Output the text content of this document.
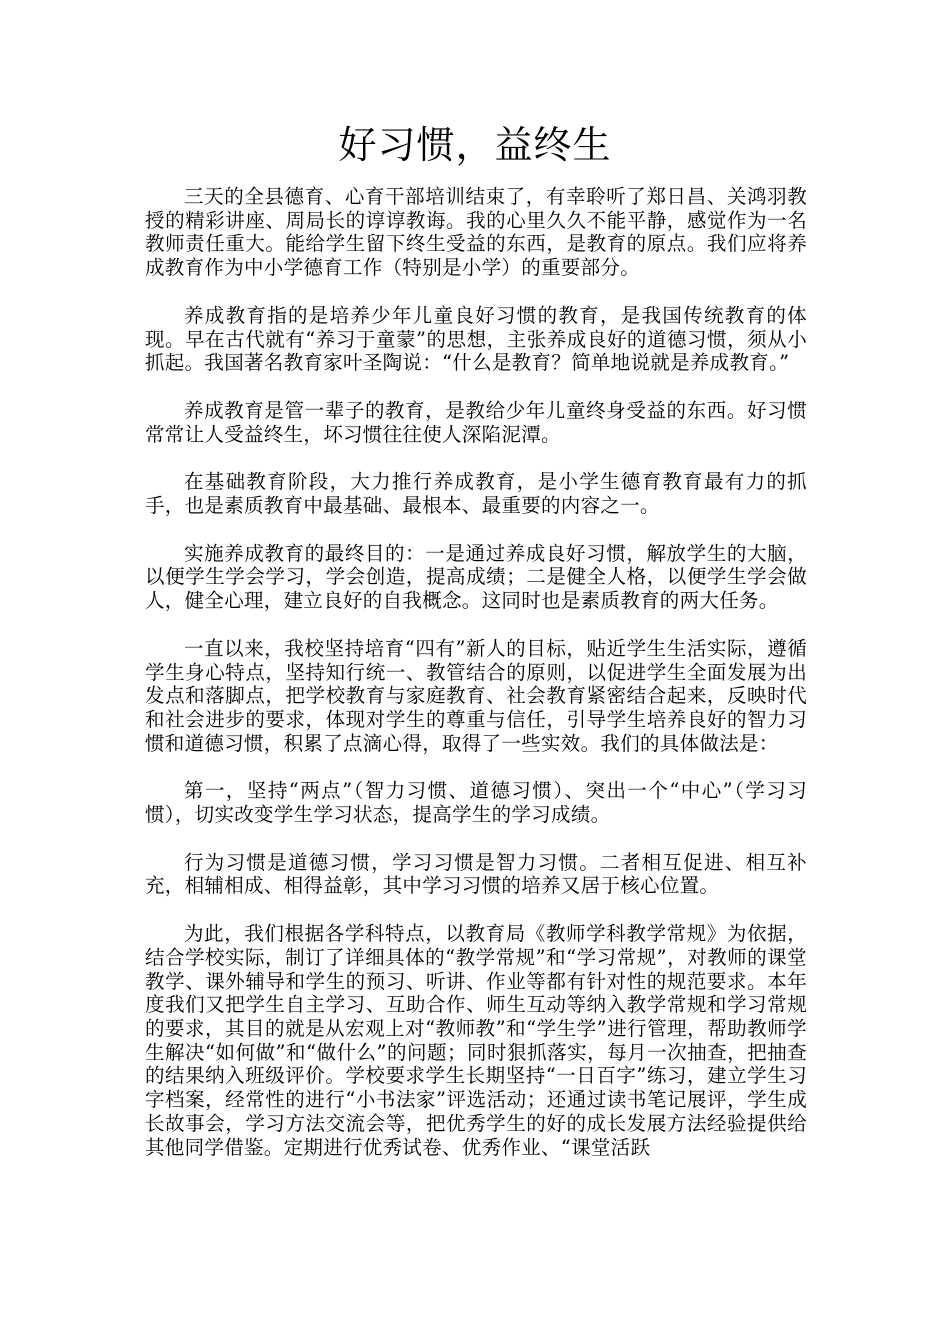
好习惯，益终生

三天的全县德育、心育干部培训结束了，有幸聆听了郑日昌、关鸿羽教授的精彩讲座、周局长的谆谆教诲。我的心里久久不能平静，感觉作为一名教师责任重大。能给学生留下终生受益的东西，是教育的原点。我们应将养成教育作为中小学德育工作（特别是小学）的重要部分。

养成教育指的是培养少年儿童良好习惯的教育，是我国传统教育的体现。早在古代就有“养习于童蒙”的思想，主张养成良好的道德习惯，须从小抓起。我国著名教育家叶圣陶说：“什么是教育？简单地说就是养成教育。”

养成教育是管一辈子的教育，是教给少年儿童终身受益的东西。好习惯常常让人受益终生，坏习惯往往使人深陷泥潭。

在基础教育阶段，大力推行养成教育，是小学生德育教育最有力的抓手，也是素质教育中最基础、最根本、最重要的内容之一。

实施养成教育的最终目的：一是通过养成良好习惯，解放学生的大脑，以便学生学会学习，学会创造，提高成绩；二是健全人格，以便学生学会做人，健全心理，建立良好的自我概念。这同时也是素质教育的两大任务。

一直以来，我校坚持培育“四有”新人的目标，贴近学生生活实际，遵循学生身心特点，坚持知行统一、教管结合的原则，以促进学生全面发展为出发点和落脚点，把学校教育与家庭教育、社会教育紧密结合起来，反映时代和社会进步的要求，体现对学生的尊重与信任，引导学生培养良好的智力习惯和道德习惯，积累了点滴心得，取得了一些实效。我们的具体做法是：

第一，坚持“两点”（智力习惯、道德习惯）、突出一个“中心”（学习习惯），切实改变学生学习状态，提高学生的学习成绩。

行为习惯是道德习惯，学习习惯是智力习惯。二者相互促进、相互补充，相辅相成、相得益彰，其中学习习惯的培养又居于核心位置。

为此，我们根据各学科特点，以教育局《教师学科教学常规》为依据，结合学校实际，制订了详细具体的“教学常规”和“学习常规”，对教师的课堂教学、课外辅导和学生的预习、听讲、作业等都有针对性的规范要求。本年度我们又把学生自主学习、互助合作、师生互动等纳入教学常规和学习常规的要求，其目的就是从宏观上对“教师教”和“学生学”进行管理，帮助教师学生解决“如何做”和“做什么”的问题；同时狠抓落实，每月一次抽查，把抽查的结果纳入班级评价。学校要求学生长期坚持“一日百字”练习，建立学生习字档案，经常性的进行“小书法家”评选活动；还通过读书笔记展评，学生成长故事会，学习方法交流会等，把优秀学生的好的成长发展方法经验提供给其他同学借鉴。定期进行优秀试卷、优秀作业、“课堂活跃
